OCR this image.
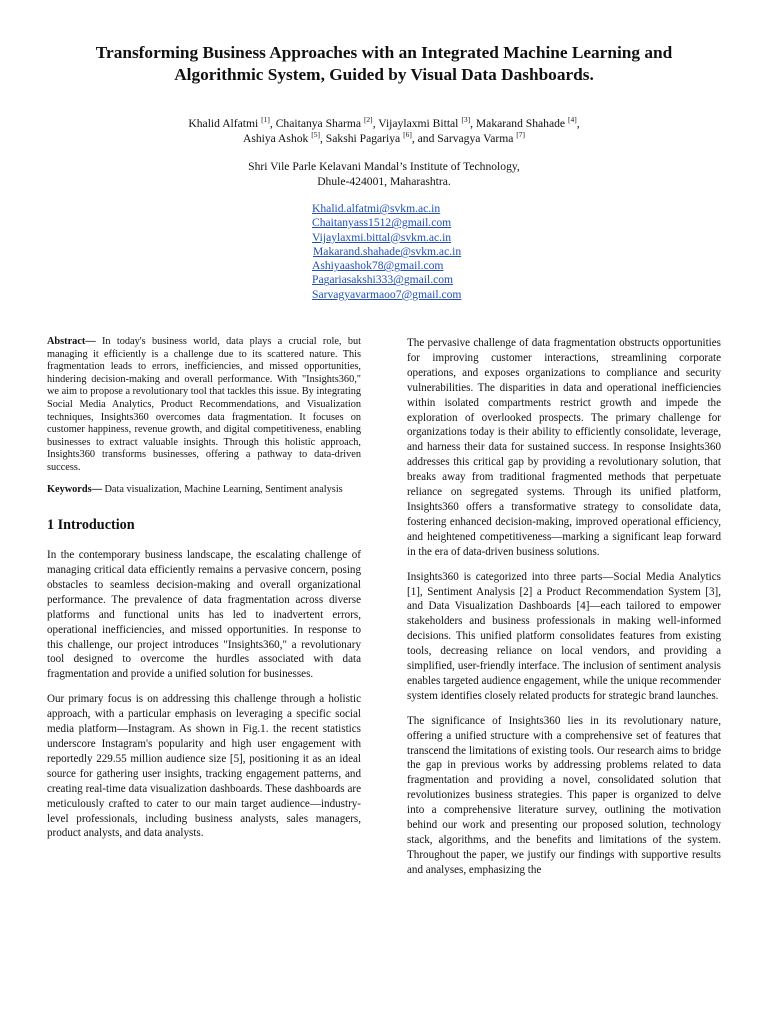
Transforming Business Approaches with an Integrated Machine Learning and Algorithmic System, Guided by Visual Data Dashboards.
Khalid Alfatmi [1], Chaitanya Sharma [2], Vijaylaxmi Bittal [3], Makarand Shahade [4],
Ashiya Ashok [5], Sakshi Pagariya [6], and Sarvagya Varma [7]
Shri Vile Parle Kelavani Mandal’s Institute of Technology,
Dhule-424001, Maharashtra.
Khalid.alfatmi@svkm.ac.in
Chaitanyass1512@gmail.com
Vijaylaxmi.bittal@svkm.ac.in
Makarand.shahade@svkm.ac.in
Ashiyaashok78@gmail.com
Pagariasakshi333@gmail.com
Sarvagyavarmaoo7@gmail.com

Abstract— In today's business world, data plays a crucial role, but managing it efficiently is a challenge due to its scattered nature. This fragmentation leads to errors, inefficiencies, and missed opportunities, hindering decision-making and overall performance. With "Insights360," we aim to propose a revolutionary tool that tackles this issue. By integrating Social Media Analytics, Product Recommendations, and Visualization techniques, Insights360 overcomes data fragmentation. It focuses on customer happiness, revenue growth, and digital competitiveness, enabling businesses to extract valuable insights. Through this holistic approach, Insights360 transforms businesses, offering a pathway to data-driven success.

Keywords— Data visualization, Machine Learning, Sentiment analysis

1 Introduction

In the contemporary business landscape, the escalating challenge of managing critical data efficiently remains a pervasive concern, posing obstacles to seamless decision-making and overall organizational performance. The prevalence of data fragmentation across diverse platforms and functional units has led to inadvertent errors, operational inefficiencies, and missed opportunities. In response to this challenge, our project introduces "Insights360," a revolutionary tool designed to overcome the hurdles associated with data fragmentation and provide a unified solution for businesses.

Our primary focus is on addressing this challenge through a holistic approach, with a particular emphasis on leveraging a specific social media platform—Instagram. As shown in Fig.1. the recent statistics underscore Instagram's popularity and high user engagement with reportedly 229.55 million audience size [5], positioning it as an ideal source for gathering user insights, tracking engagement patterns, and creating real-time data visualization dashboards. These dashboards are meticulously crafted to cater to our main target audience—industry-level professionals, including business analysts, sales managers, product analysts, and data analysts.

The pervasive challenge of data fragmentation obstructs opportunities for improving customer interactions, streamlining corporate operations, and exposes organizations to compliance and security vulnerabilities. The disparities in data and operational inefficiencies within isolated compartments restrict growth and impede the exploration of overlooked prospects. The primary challenge for organizations today is their ability to efficiently consolidate, leverage, and harness their data for sustained success. In response Insights360 addresses this critical gap by providing a revolutionary solution, that breaks away from traditional fragmented methods that perpetuate reliance on segregated systems. Through its unified platform, Insights360 offers a transformative strategy to consolidate data, fostering enhanced decision-making, improved operational efficiency, and heightened competitiveness—marking a significant leap forward in the era of data-driven business solutions.

Insights360 is categorized into three parts—Social Media Analytics [1], Sentiment Analysis [2] a Product Recommendation System [3], and Data Visualization Dashboards [4]—each tailored to empower stakeholders and business professionals in making well-informed decisions. This unified platform consolidates features from existing tools, decreasing reliance on local vendors, and providing a simplified, user-friendly interface. The inclusion of sentiment analysis enables targeted audience engagement, while the unique recommender system identifies closely related products for strategic brand launches.

The significance of Insights360 lies in its revolutionary nature, offering a unified structure with a comprehensive set of features that transcend the limitations of existing tools. Our research aims to bridge the gap in previous works by addressing problems related to data fragmentation and providing a novel, consolidated solution that revolutionizes business strategies. This paper is organized to delve into a comprehensive literature survey, outlining the motivation behind our work and presenting our proposed solution, technology stack, algorithms, and the benefits and limitations of the system. Throughout the paper, we justify our findings with supportive results and analyses, emphasizing the
